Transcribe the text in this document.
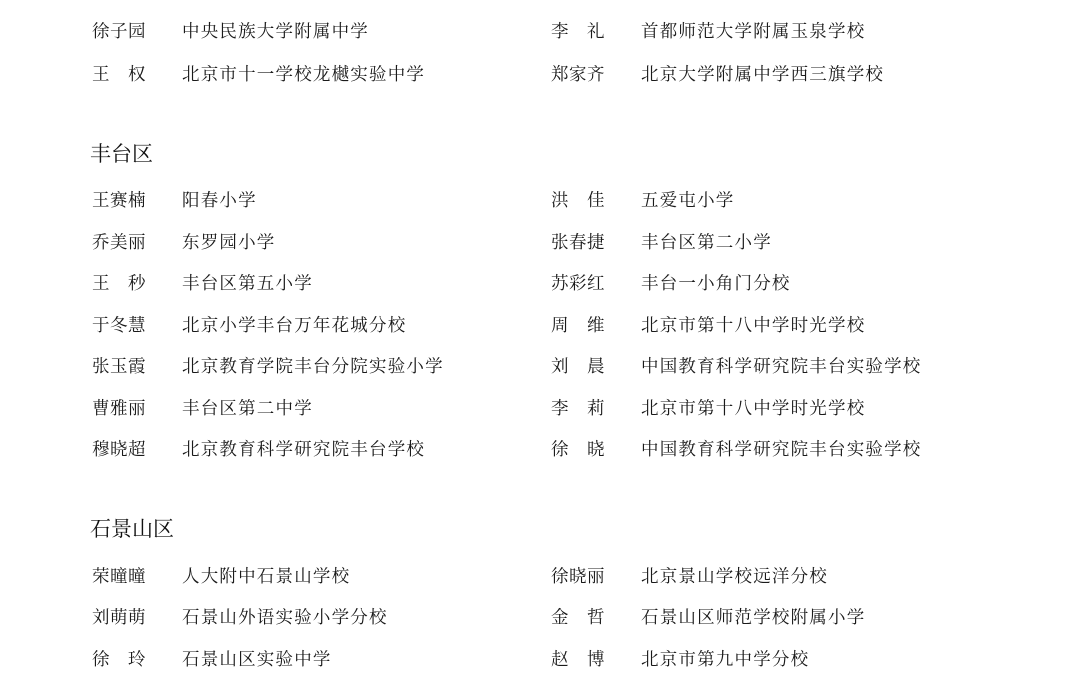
徐子园 中央民族大学附属中学	李　礼 首都师范大学附属玉泉学校
王　权 北京市十一学校龙樾实验中学	郑家齐 北京大学附属中学西三旗学校
丰台区
王赛楠 阳春小学	洪　佳 五爱屯小学
乔美丽 东罗园小学	张春捷 丰台区第二小学
王　秒 丰台区第五小学	苏彩红 丰台一小角门分校
于冬慧 北京小学丰台万年花城分校	周　维 北京市第十八中学时光学校
张玉霞 北京教育学院丰台分院实验小学	刘　晨 中国教育科学研究院丰台实验学校
曹雅丽 丰台区第二中学	李　莉 北京市第十八中学时光学校
穆晓超 北京教育科学研究院丰台学校	徐　晓 中国教育科学研究院丰台实验学校
石景山区
荣曈曈 人大附中石景山学校	徐晓丽 北京景山学校远洋分校
刘萌萌 石景山外语实验小学分校	金　哲 石景山区师范学校附属小学
徐　玲 石景山区实验中学	赵　博 北京市第九中学分校
